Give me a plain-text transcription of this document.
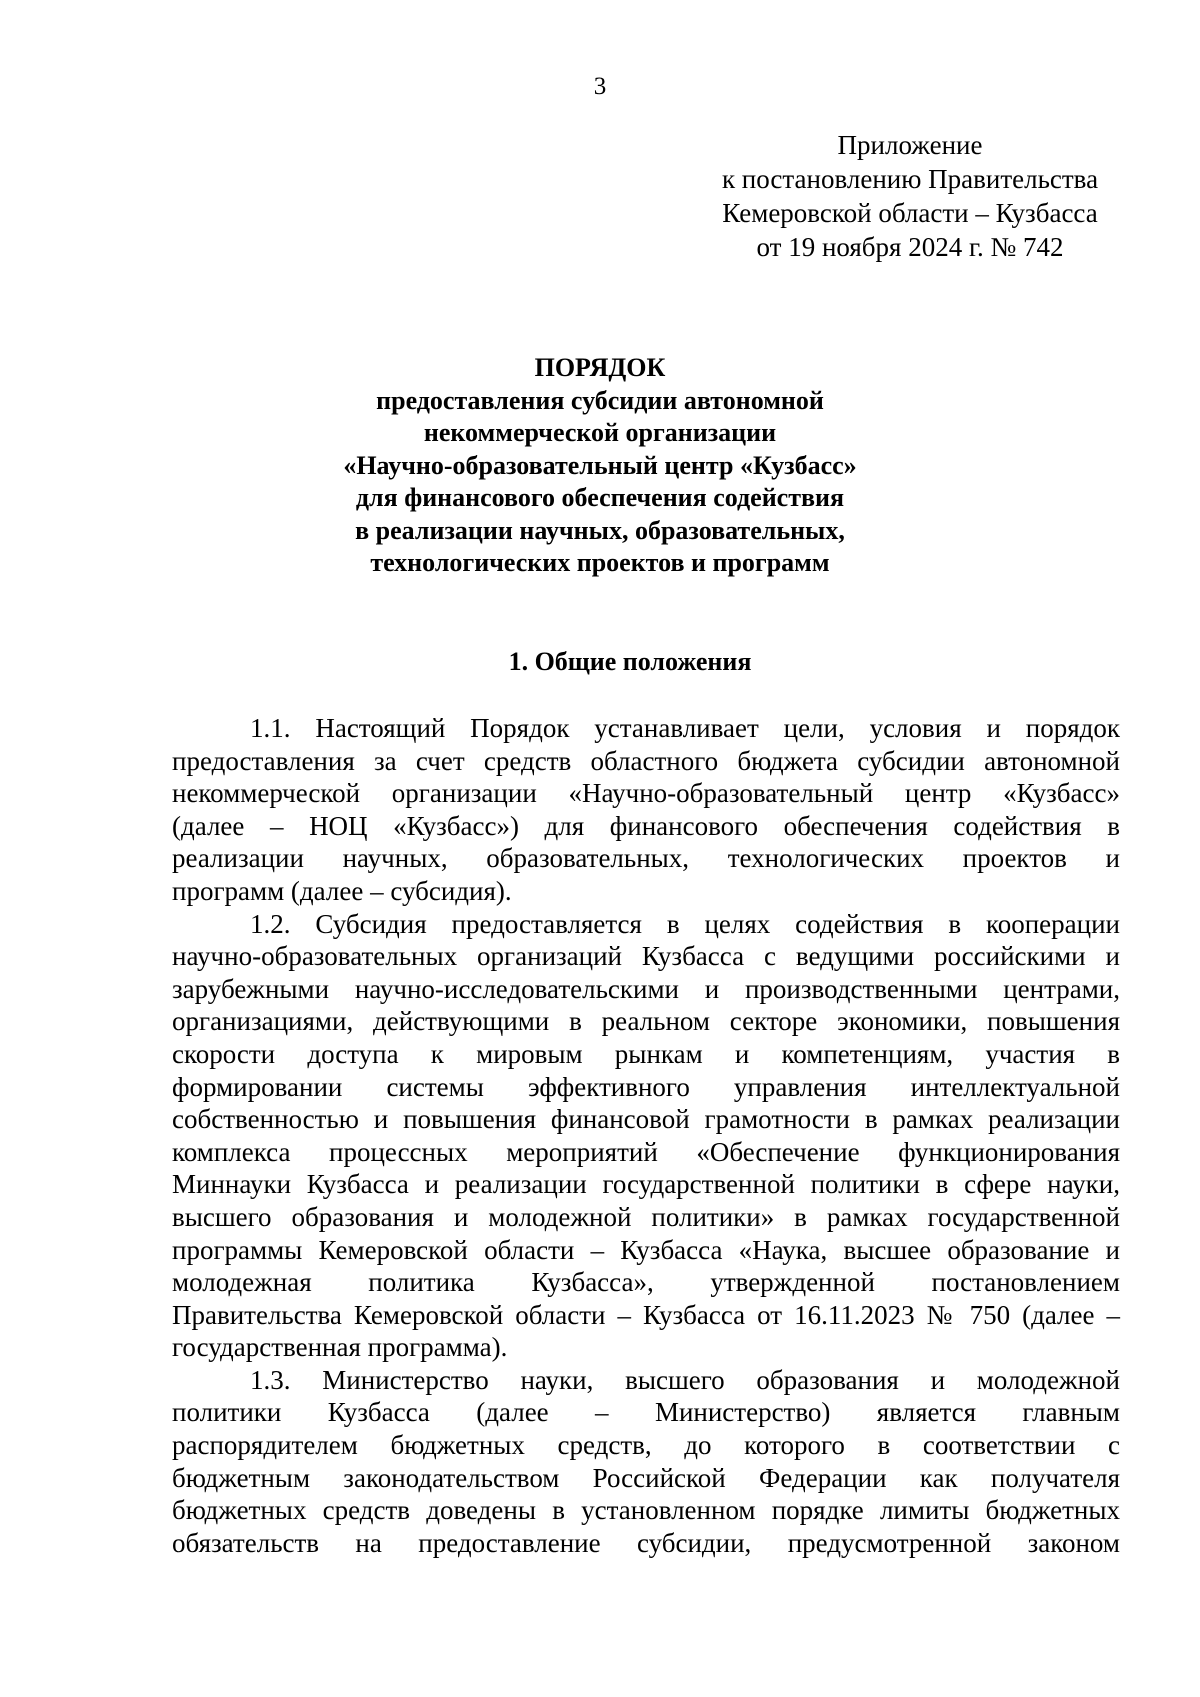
3
Приложение
к постановлению Правительства
Кемеровской области – Кузбасса
от 19 ноября 2024 г. № 742
ПОРЯДОК
предоставления субсидии автономной
некоммерческой организации
«Научно-образовательный центр «Кузбасс»
для финансового обеспечения содействия
в реализации научных, образовательных,
технологических проектов и программ
1. Общие положения
1.1. Настоящий Порядок устанавливает цели, условия и порядок
предоставления за счет средств областного бюджета субсидии автономной
некоммерческой организации «Научно-образовательный центр «Кузбасс»
(далее – НОЦ «Кузбасс») для финансового обеспечения содействия в
реализации научных, образовательных, технологических проектов и
программ (далее – субсидия).
1.2. Субсидия предоставляется в целях содействия в кооперации
научно-образовательных организаций Кузбасса с ведущими российскими и
зарубежными научно-исследовательскими и производственными центрами,
организациями, действующими в реальном секторе экономики, повышения
скорости доступа к мировым рынкам и компетенциям, участия в
формировании системы эффективного управления интеллектуальной
собственностью и повышения финансовой грамотности в рамках реализации
комплекса процессных мероприятий «Обеспечение функционирования
Миннауки Кузбасса и реализации государственной политики в сфере науки,
высшего образования и молодежной политики» в рамках государственной
программы Кемеровской области – Кузбасса «Наука, высшее образование и
молодежная политика Кузбасса», утвержденной постановлением
Правительства Кемеровской области – Кузбасса от 16.11.2023 № 750 (далее –
государственная программа).
1.3. Министерство науки, высшего образования и молодежной
политики Кузбасса (далее – Министерство) является главным
распорядителем бюджетных средств, до которого в соответствии с
бюджетным законодательством Российской Федерации как получателя
бюджетных средств доведены в установленном порядке лимиты бюджетных
обязательств на предоставление субсидии, предусмотренной законом
